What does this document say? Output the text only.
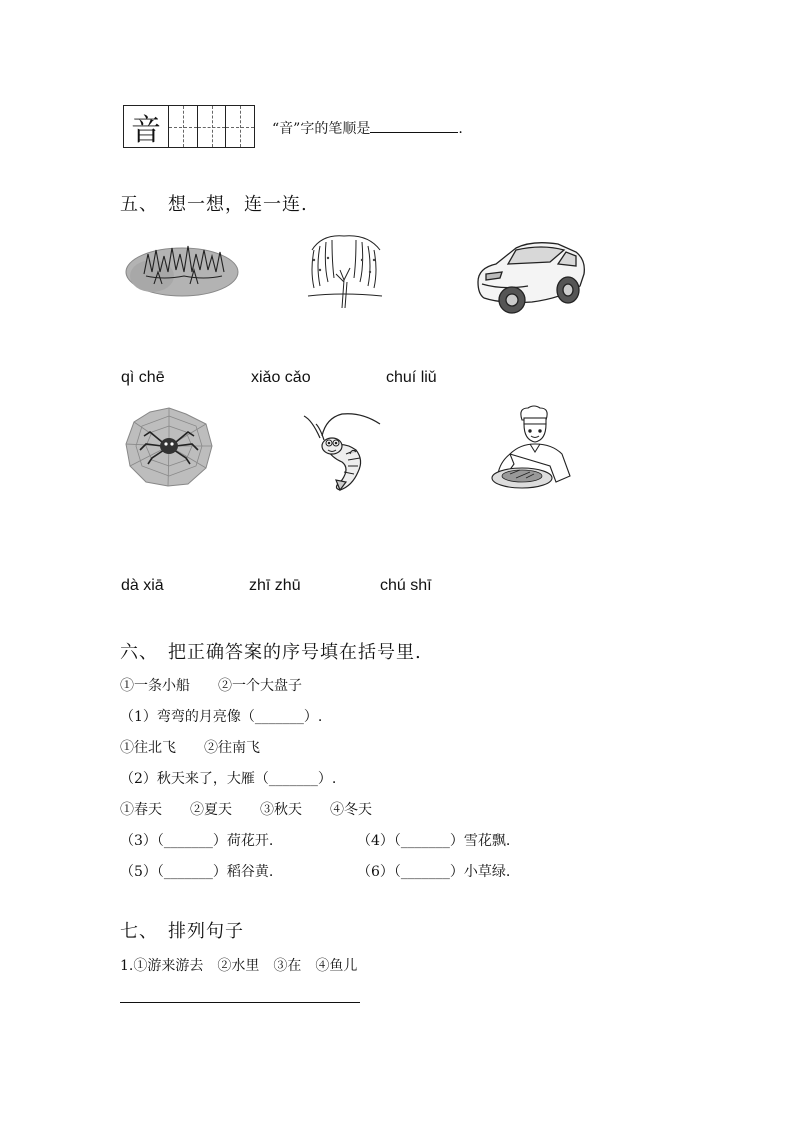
音	“音”字的笔顺是	.
五、　想一想，连一连.
qì chē	xiǎo cǎo	chuí liǔ
dà xiā	zhī zhū	chú shī
六、　把正确答案的序号填在括号里.
①一条小船　　②一个大盘子
（1）弯弯的月亮像（_______）.
①往北飞　　②往南飞
（2）秋天来了，大雁（_______）.
①春天　　②夏天　　③秋天　　④冬天
（3）（_______）荷花开.	（4）（_______）雪花飘.
（5）（_______）稻谷黄.	（6）（_______）小草绿.
七、　排列句子
1.①游来游去　②水里　③在　④鱼儿
